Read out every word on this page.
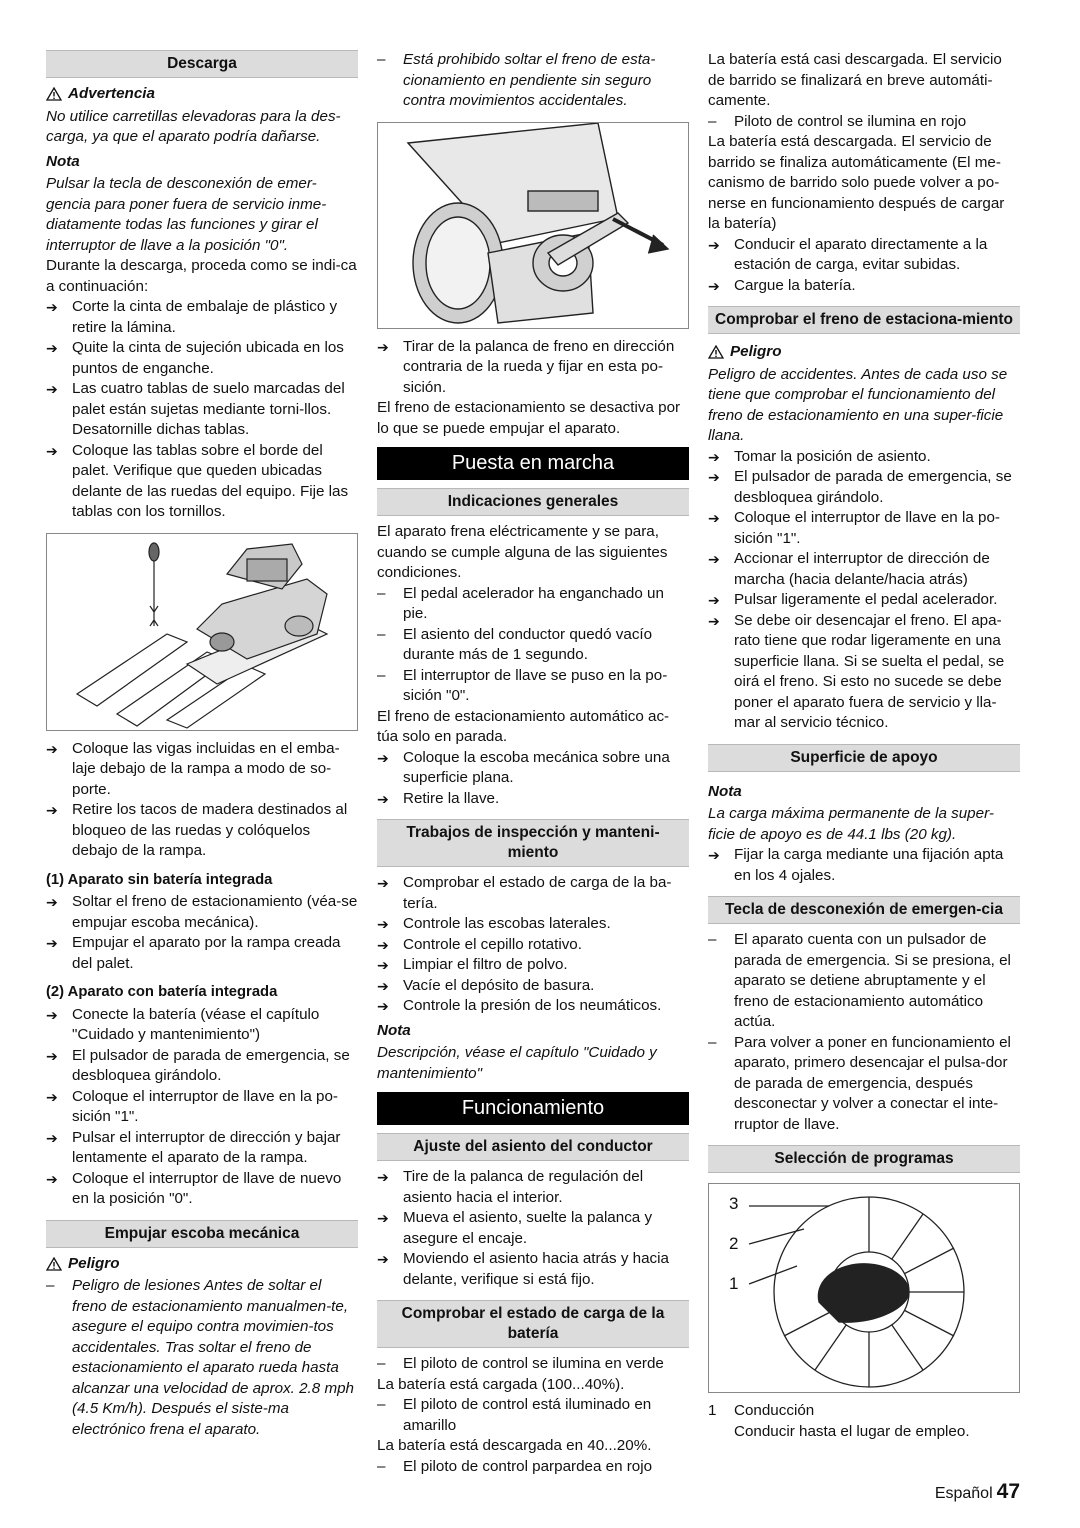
Descarga
Advertencia

No utilice carretillas elevadoras para la des-carga, ya que el aparato podría dañarse.

Nota

Pulsar la tecla de desconexión de emer-gencia para poner fuera de servicio inme-diatamente todas las funciones y girar el interruptor de llave a la posición "0".

Durante la descarga, proceda como se indi-ca a continuación:

➔ Corte la cinta de embalaje de plástico y retire la lámina.
➔ Quite la cinta de sujeción ubicada en los puntos de enganche.
➔ Las cuatro tablas de suelo marcadas del palet están sujetas mediante torni-llos. Desatornille dichas tablas.
➔ Coloque las tablas sobre el borde del palet. Verifique que queden ubicadas delante de las ruedas del equipo. Fije las tablas con los tornillos.
➔ Coloque las vigas incluidas en el emba-laje debajo de la rampa a modo de so-porte.
➔ Retire los tacos de madera destinados al bloqueo de las ruedas y colóquelos debajo de la rampa.
(1) Aparato sin batería integrada
➔ Soltar el freno de estacionamiento (véa-se empujar escoba mecánica).
➔ Empujar el aparato por la rampa creada del palet.
(2) Aparato con batería integrada
➔ Conecte la batería (véase el capítulo "Cuidado y mantenimiento")
➔ El pulsador de parada de emergencia, se desbloquea girándolo.
➔ Coloque el interruptor de llave en la po-sición "1".
➔ Pulsar el interruptor de dirección y bajar lentamente el aparato de la rampa.
➔ Coloque el interruptor de llave de nuevo en la posición "0".
Empujar escoba mecánica
Peligro
–	Peligro de lesiones Antes de soltar el freno de estacionamiento manualmen-te, asegure el equipo contra movimien-tos accidentales. Tras soltar el freno de estacionamiento el aparato rueda hasta alcanzar una velocidad de aprox. 2.8 mph (4.5 Km/h). Después el siste-ma electrónico frena el aparato.
–	Está prohibido soltar el freno de esta-cionamiento en pendiente sin seguro contra movimientos accidentales.
➔ Tirar de la palanca de freno en dirección contraria de la rueda y fijar en esta po-sición.

El freno de estacionamiento se desactiva por lo que se puede empujar el aparato.

Puesta en marcha
Indicaciones generales

El aparato frena eléctricamente y se para, cuando se cumple alguna de las siguientes condiciones.

–	El pedal acelerador ha enganchado un pie.
–	El asiento del conductor quedó vacío durante más de 1 segundo.
–	El interruptor de llave se puso en la po-sición "0".

El freno de estacionamiento automático ac-túa solo en parada.

➔ Coloque la escoba mecánica sobre una superficie plana.
➔ Retire la llave.
Trabajos de inspección y manteni-miento
➔ Comprobar el estado de carga de la ba-tería.
➔ Controle las escobas laterales.
➔ Controle el cepillo rotativo.
➔ Limpiar el filtro de polvo.
➔ Vacíe el depósito de basura.
➔ Controle la presión de los neumáticos.
Nota

Descripción, véase el capítulo "Cuidado y mantenimiento"

Funcionamiento
Ajuste del asiento del conductor
➔ Tire de la palanca de regulación del asiento hacia el interior.
➔ Mueva el asiento, suelte la palanca y asegure el encaje.
➔ Moviendo el asiento hacia atrás y hacia delante, verifique si está fijo.
Comprobar el estado de carga de la batería
–	El piloto de control se ilumina en verde

La batería está cargada (100...40%).

–	El piloto de control está iluminado en amarillo

La batería está descargada en 40...20%.

–	El piloto de control parpardea en rojo

La batería está casi descargada. El servicio de barrido se finalizará en breve automáti-camente.

–	Piloto de control se ilumina en rojo

La batería está descargada. El servicio de barrido se finaliza automáticamente (El me-canismo de barrido solo puede volver a po-nerse en funcionamiento después de cargar la batería)

➔ Conducir el aparato directamente a la estación de carga, evitar subidas.
➔ Cargue la batería.
Comprobar el freno de estaciona-miento
Peligro

Peligro de accidentes. Antes de cada uso se tiene que comprobar el funcionamiento del freno de estacionamiento en una super-ficie llana.

➔ Tomar la posición de asiento.
➔ El pulsador de parada de emergencia, se desbloquea girándolo.
➔ Coloque el interruptor de llave en la po-sición "1".
➔ Accionar el interruptor de dirección de marcha (hacia delante/hacia atrás)
➔ Pulsar ligeramente el pedal acelerador.
➔ Se debe oir desencajar el freno. El apa-rato tiene que rodar ligeramente en una superficie llana. Si se suelta el pedal, se oirá el freno. Si esto no sucede se debe poner el aparato fuera de servicio y lla-mar al servicio técnico.
Superficie de apoyo
Nota

La carga máxima permanente de la super-ficie de apoyo es de 44.1 lbs (20 kg).

➔ Fijar la carga mediante una fijación apta en los 4 ojales.
Tecla de desconexión de emergen-cia
–	El aparato cuenta con un pulsador de parada de emergencia. Si se presiona, el aparato se detiene abruptamente y el freno de estacionamiento automático actúa.
–	Para volver a poner en funcionamiento el aparato, primero desencajar el pulsa-dor de parada de emergencia, después desconectar y volver a conectar el inte-rruptor de llave.
Selección de programas
3
2
1
1	Conducción
Conducir hasta el lugar de empleo.
Español 47
